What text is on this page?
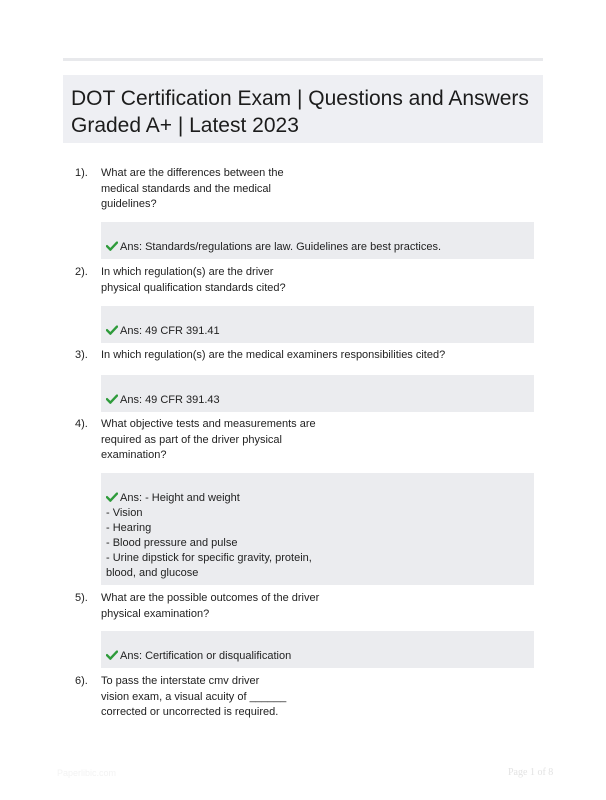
DOT Certification Exam | Questions and Answers
Graded A+ | Latest 2023
1). What are the differences between the
medical standards and the medical
guidelines?

Ans: Standards/regulations are law. Guidelines are best practices.

2). In which regulation(s) are the driver
physical qualification standards cited?

Ans: 49 CFR 391.41

3). In which regulation(s) are the medical examiners responsibilities cited?

Ans: 49 CFR 391.43

4). What objective tests and measurements are
required as part of the driver physical
examination?

Ans: - Height and weight
- Vision
- Hearing
- Blood pressure and pulse
- Urine dipstick for specific gravity, protein,
blood, and glucose

5). What are the possible outcomes of the driver
physical examination?

Ans: Certification or disqualification

6). To pass the interstate cmv driver
vision exam, a visual acuity of ______
corrected or uncorrected is required.
Paperlibic.com	Page 1 of 8
